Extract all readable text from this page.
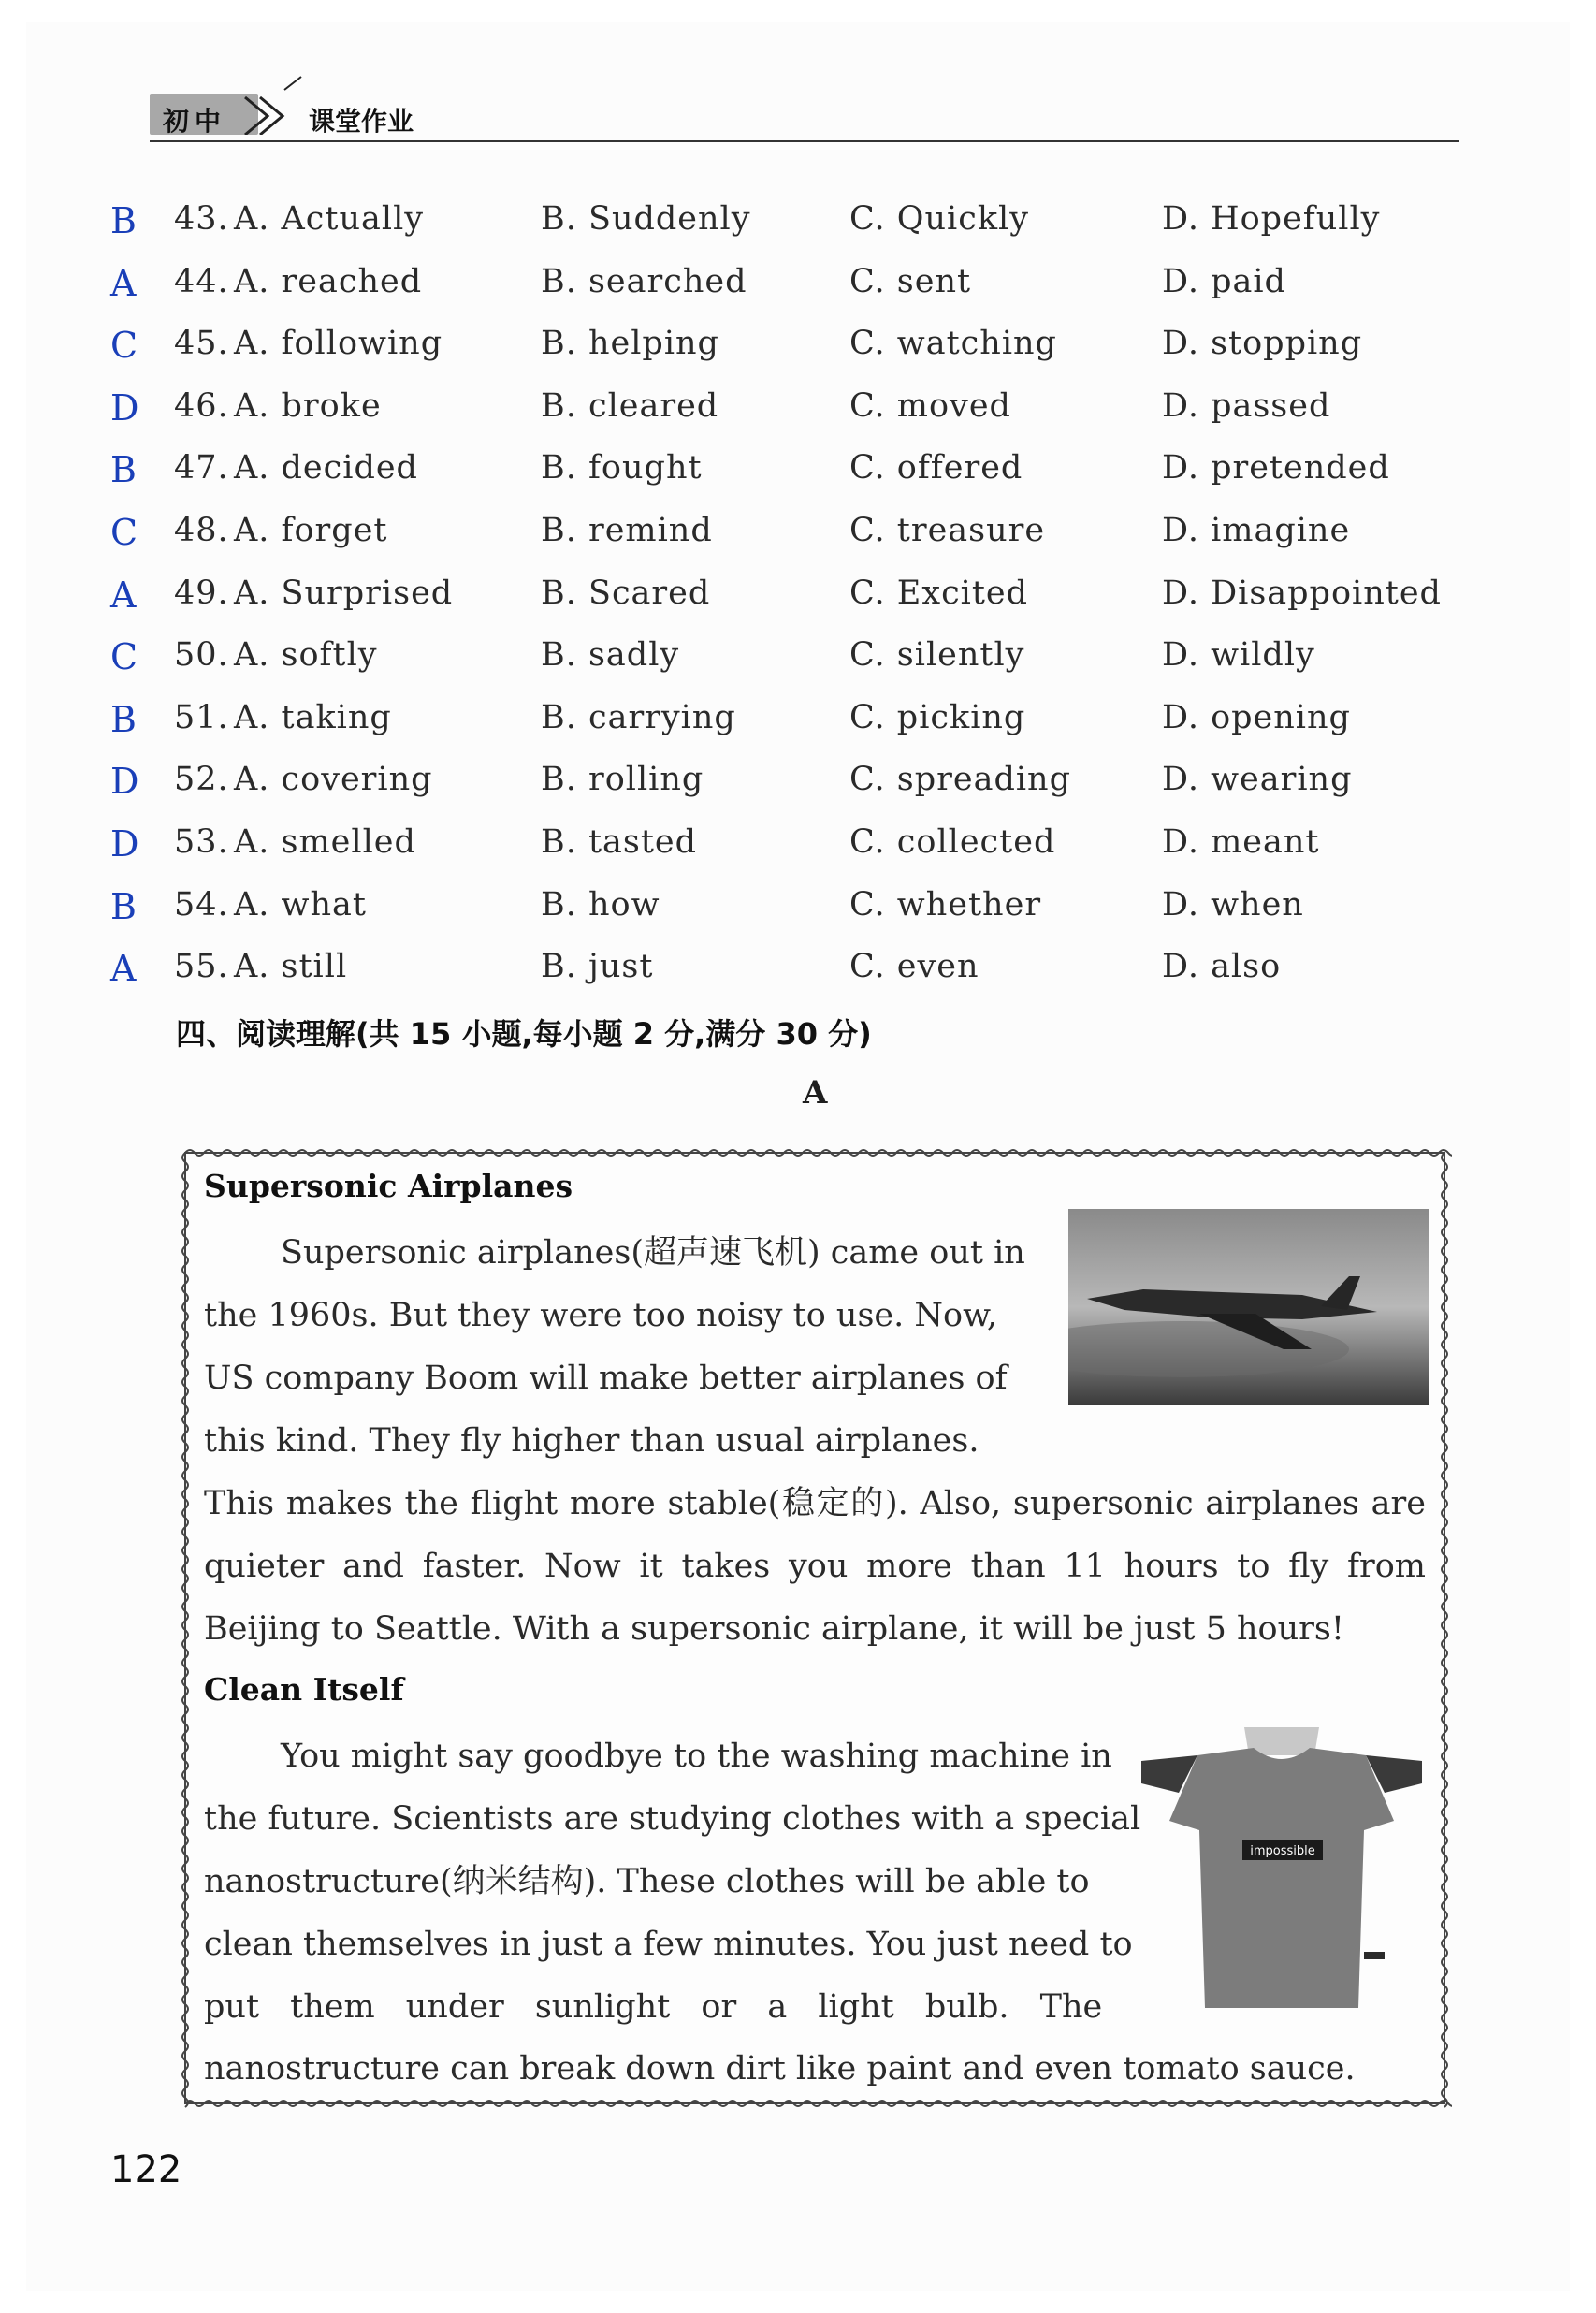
初中	课堂作业
B 43. A. Actually	B. Suddenly	C. Quickly	D. Hopefully
A 44. A. reached	B. searched	C. sent	D. paid
C 45. A. following	B. helping	C. watching	D. stopping
D 46. A. broke	B. cleared	C. moved	D. passed
B 47. A. decided	B. fought	C. offered	D. pretended
C 48. A. forget	B. remind	C. treasure	D. imagine
A 49. A. Surprised	B. Scared	C. Excited	D. Disappointed
C 50. A. softly	B. sadly	C. silently	D. wildly
B 51. A. taking	B. carrying	C. picking	D. opening
D 52. A. covering	B. rolling	C. spreading	D. wearing
D 53. A. smelled	B. tasted	C. collected	D. meant
B 54. A. what	B. how	C. whether	D. when
A 55. A. still	B. just	C. even	D. also
四、阅读理解(共 15 小题,每小题 2 分,满分 30 分)
A
Supersonic Airplanes
Supersonic airplanes(超声速飞机) came out in
the 1960s. But they were too noisy to use. Now,
US company Boom will make better airplanes of
this kind. They fly higher than usual airplanes.
This makes the flight more stable(稳定的). Also, supersonic airplanes are quieter and faster. Now it takes you more than 11 hours to fly from Beijing to Seattle. With a supersonic airplane, it will be just 5 hours!
Clean Itself
You might say goodbye to the washing machine in
the future. Scientists are studying clothes with a special
nanostructure(纳米结构). These clothes will be able to
clean themselves in just a few minutes. You just need to
put them under sunlight or a light bulb. The
impossible
nanostructure can break down dirt like paint and even tomato sauce.
122
